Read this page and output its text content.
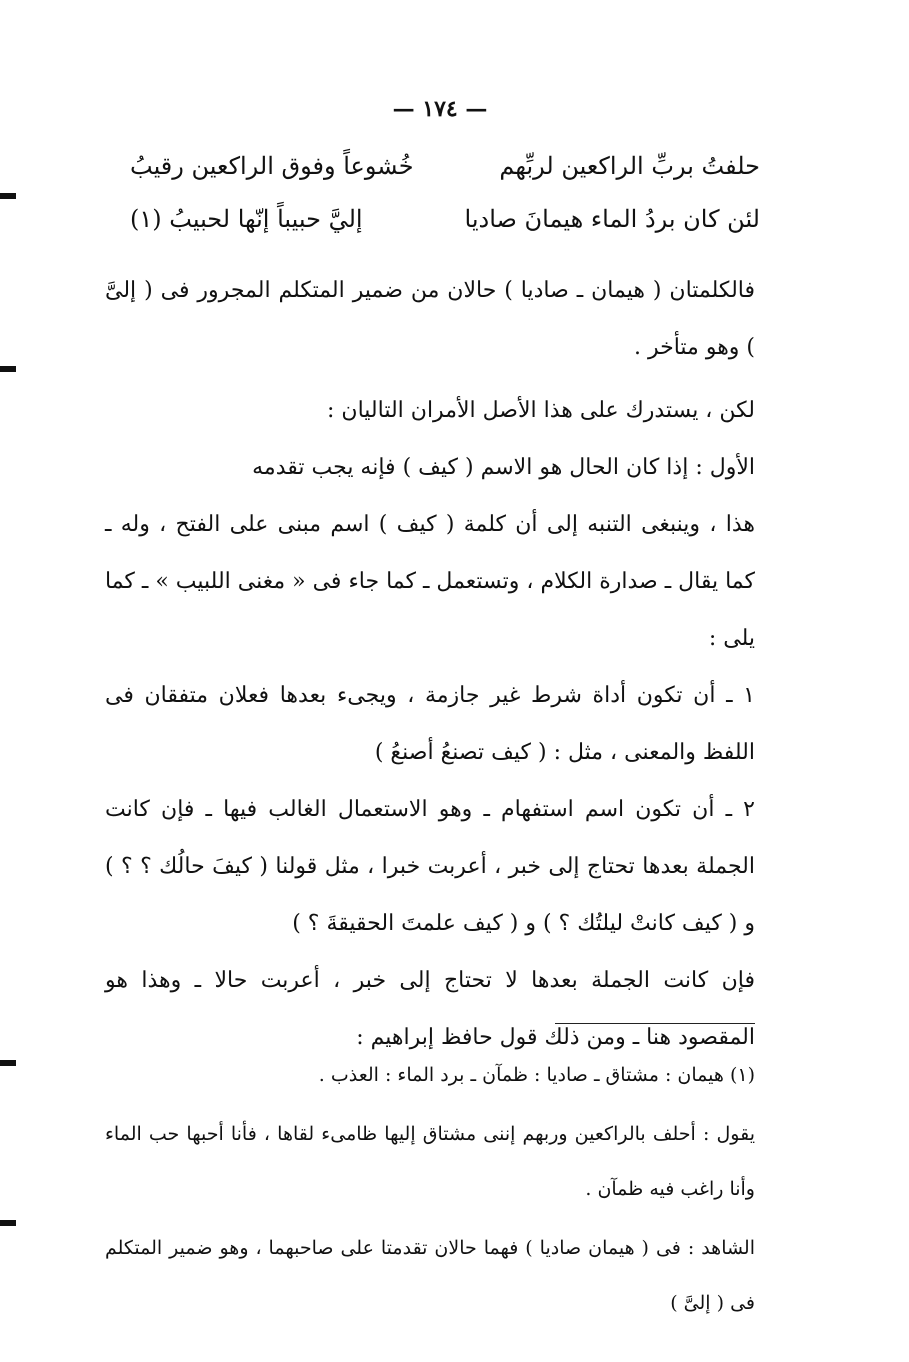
— ۱۷٤ —
حلفتُ بربِّ الراكعين لربِّهم
خُشوعاً وفوق الراكعين رقيبُ
لئن كان بردُ الماء هيمانَ صاديا
إليَّ حبيباً إنّها لحبيبُ (١)

فالكلمتان ( هيمان ـ صاديا ) حالان من ضمير المتكلم المجرور فى ( إلىَّ ) وهو متأخر .

لكن ، يستدرك على هذا الأصل الأمران التاليان :

الأول : إذا كان الحال هو الاسم ( كيف ) فإنه يجب تقدمه

هذا ، وينبغى التنبه إلى أن كلمة ( كيف ) اسم مبنى على الفتح ، وله ـ كما يقال ـ صدارة الكلام ، وتستعمل ـ كما جاء فى « مغنى اللبيب » ـ كما يلى :

١ ـ أن تكون أداة شرط غير جازمة ، ويجىء بعدها فعلان متفقان فى اللفظ والمعنى ، مثل : ( كيف تصنعُ أصنعُ )

٢ ـ أن تكون اسم استفهام ـ وهو الاستعمال الغالب فيها ـ فإن كانت الجملة بعدها تحتاج إلى خبر ، أعربت خبرا ، مثل قولنا ( كيفَ حالُك ؟ ؟ ) و ( كيف كانتْ ليلتُك ؟ ) و ( كيف علمتَ الحقيقةَ ؟ )

فإن كانت الجملة بعدها لا تحتاج إلى خبر ، أعربت حالا ـ وهذا هو المقصود هنا ـ ومن ذلك قول حافظ إبراهيم :

(١) هيمان : مشتاق ـ صاديا : ظمآن ـ برد الماء : العذب .

يقول : أحلف بالراكعين وربهم إننى مشتاق إليها ظامىء لقاها ، فأنا أحبها حب الماء وأنا راغب فيه ظمآن .

الشاهد : فى ( هيمان صاديا ) فهما حالان تقدمتا على صاحبهما ، وهو ضمير المتكلم فى ( إلىَّ )
